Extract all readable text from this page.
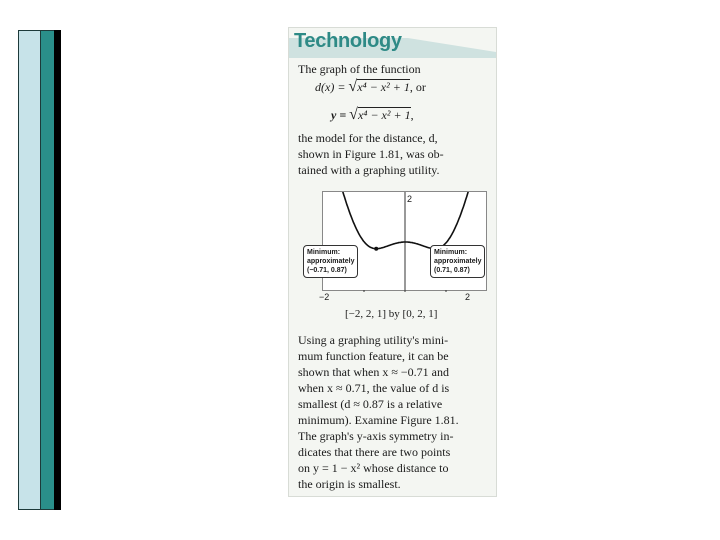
Technology
The graph of the function
d(x) = √x⁴ − x² + 1, or
y = √x⁴ − x² + 1,
the model for the distance, d,
shown in Figure 1.81, was ob-
tained with a graphing utility.
2
Minimum:
approximately
(−0.71, 0.87)
Minimum:
approximately
(0.71, 0.87)
−2	2
[−2, 2, 1] by [0, 2, 1]
Using a graphing utility's mini-
mum function feature, it can be
shown that when x ≈ −0.71 and
when x ≈ 0.71, the value of d is
smallest (d ≈ 0.87 is a relative
minimum). Examine Figure 1.81.
The graph's y-axis symmetry in-
dicates that there are two points
on y = 1 − x² whose distance to
the origin is smallest.
